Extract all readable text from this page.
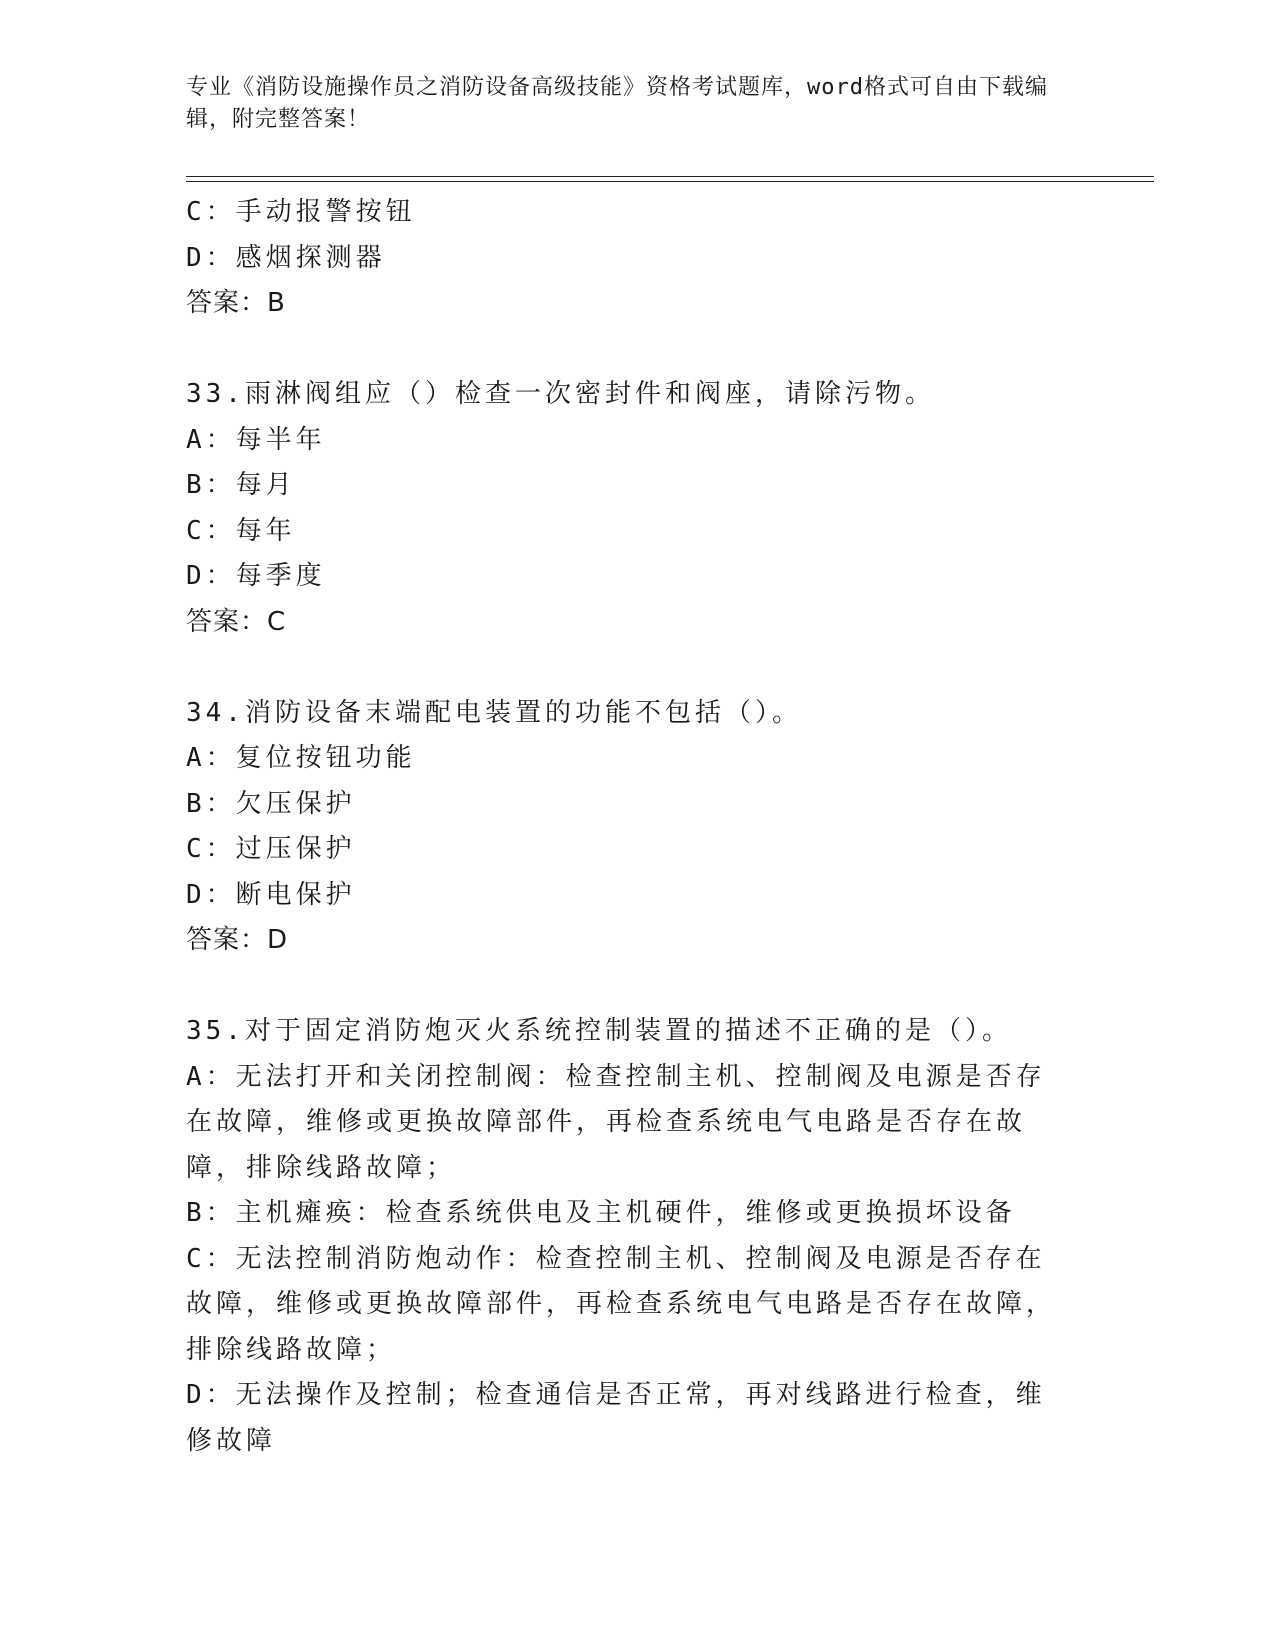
专业《消防设施操作员之消防设备高级技能》资格考试题库，word格式可自由下载编辑，附完整答案！
C：手动报警按钮
D：感烟探测器
答案：B
33.雨淋阀组应（）检查一次密封件和阀座，请除污物。
A：每半年
B：每月
C：每年
D：每季度
答案：C
34.消防设备末端配电装置的功能不包括（）。
A：复位按钮功能
B：欠压保护
C：过压保护
D：断电保护
答案：D
35.对于固定消防炮灭火系统控制装置的描述不正确的是（）。
A：无法打开和关闭控制阀：检查控制主机、控制阀及电源是否存在故障，维修或更换故障部件，再检查系统电气电路是否存在故障，排除线路故障；
B：主机瘫痪：检查系统供电及主机硬件，维修或更换损坏设备
C：无法控制消防炮动作：检查控制主机、控制阀及电源是否存在故障，维修或更换故障部件，再检查系统电气电路是否存在故障，排除线路故障；
D：无法操作及控制；检查通信是否正常，再对线路进行检查，维修故障
